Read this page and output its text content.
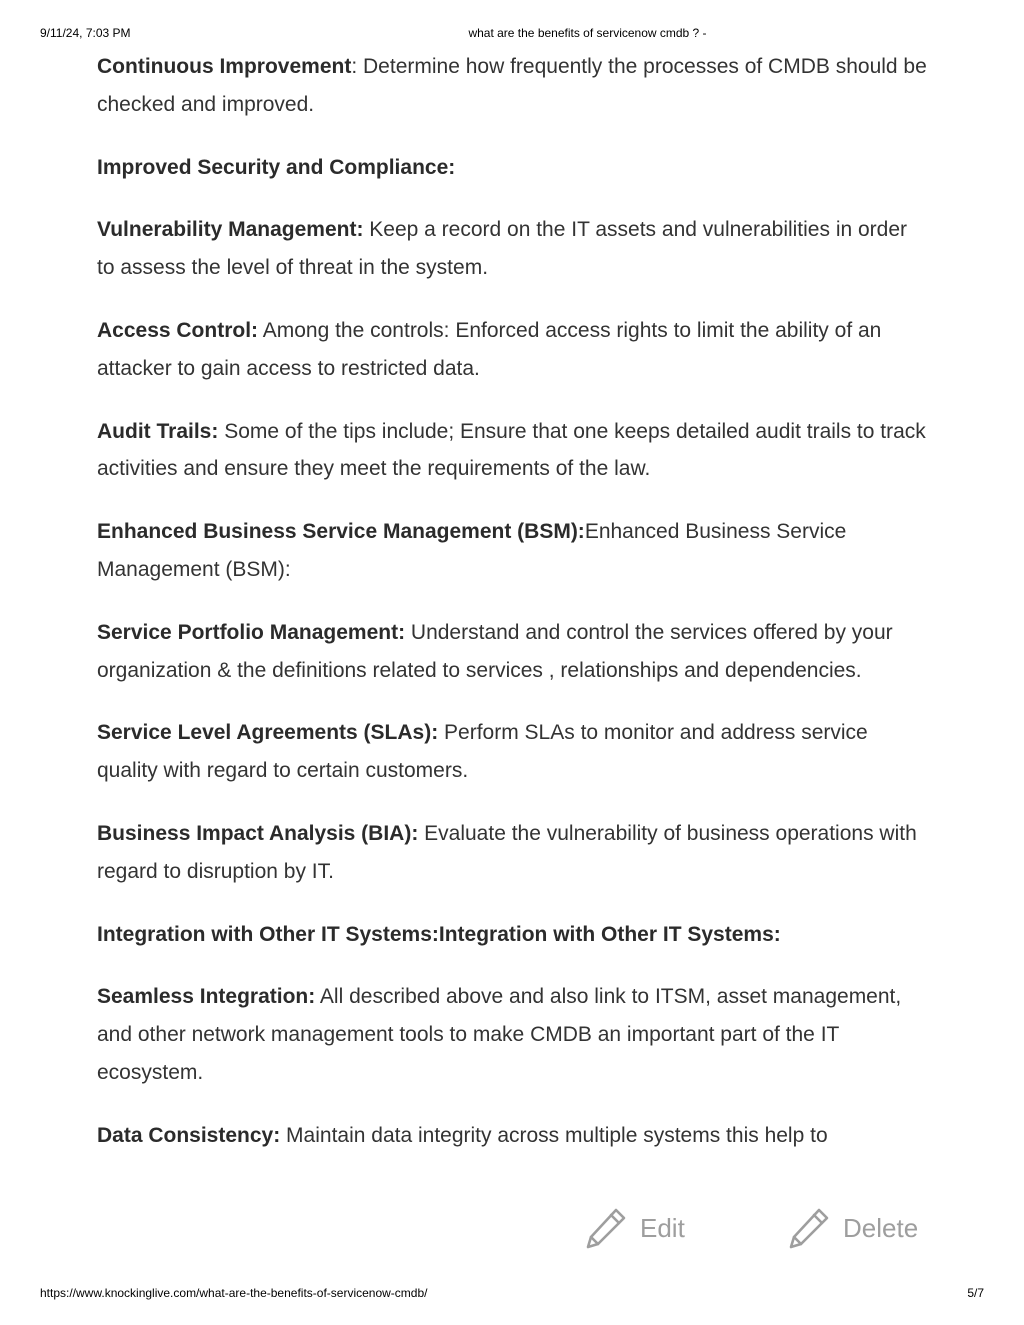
9/11/24, 7:03 PM	what are the benefits of servicenow cmdb ? -

Continuous Improvement: Determine how frequently the processes of CMDB should be checked and improved.

Improved Security and Compliance:

Vulnerability Management: Keep a record on the IT assets and vulnerabilities in order to assess the level of threat in the system.

Access Control: Among the controls: Enforced access rights to limit the ability of an attacker to gain access to restricted data.

Audit Trails: Some of the tips include; Ensure that one keeps detailed audit trails to track activities and ensure they meet the requirements of the law.

Enhanced Business Service Management (BSM):Enhanced Business Service Management (BSM):

Service Portfolio Management: Understand and control the services offered by your organization & the definitions related to services , relationships and dependencies.

Service Level Agreements (SLAs): Perform SLAs to monitor and address service quality with regard to certain customers.

Business Impact Analysis (BIA): Evaluate the vulnerability of business operations with regard to disruption by IT.

Integration with Other IT Systems:Integration with Other IT Systems:

Seamless Integration: All described above and also link to ITSM, asset management, and other network management tools to make CMDB an important part of the IT ecosystem.

Data Consistency: Maintain data integrity across multiple systems this help to

Edit	Delete
https://www.knockinglive.com/what-are-the-benefits-of-servicenow-cmdb/	5/7
